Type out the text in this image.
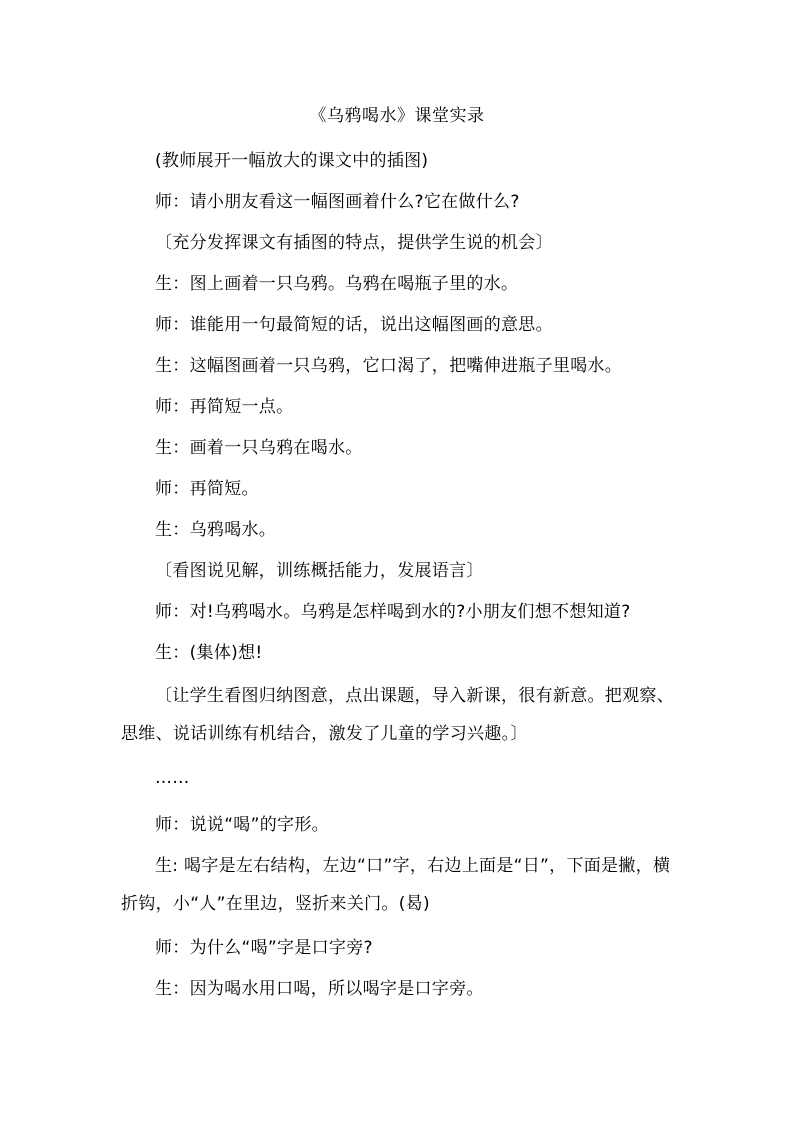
《乌鸦喝水》课堂实录
(教师展开一幅放大的课文中的插图)
师：请小朋友看这一幅图画着什么?它在做什么?
〔充分发挥课文有插图的特点，提供学生说的机会〕
生：图上画着一只乌鸦。乌鸦在喝瓶子里的水。
师：谁能用一句最简短的话，说出这幅图画的意思。
生：这幅图画着一只乌鸦，它口渴了，把嘴伸进瓶子里喝水。
师：再简短一点。
生：画着一只乌鸦在喝水。
师：再简短。
生：乌鸦喝水。
〔看图说见解，训练概括能力，发展语言〕
师：对!乌鸦喝水。乌鸦是怎样喝到水的?小朋友们想不想知道?
生：(集体)想!
〔让学生看图归纳图意，点出课题，导入新课，很有新意。把观察、思维、说话训练有机结合，激发了儿童的学习兴趣。〕
……
师：说说“喝”的字形。
生: 喝字是左右结构，左边“口”字，右边上面是“日”，下面是撇，横折钩，小“人”在里边，竖折来关门。(曷)
师：为什么“喝”字是口字旁?
生：因为喝水用口喝，所以喝字是口字旁。
